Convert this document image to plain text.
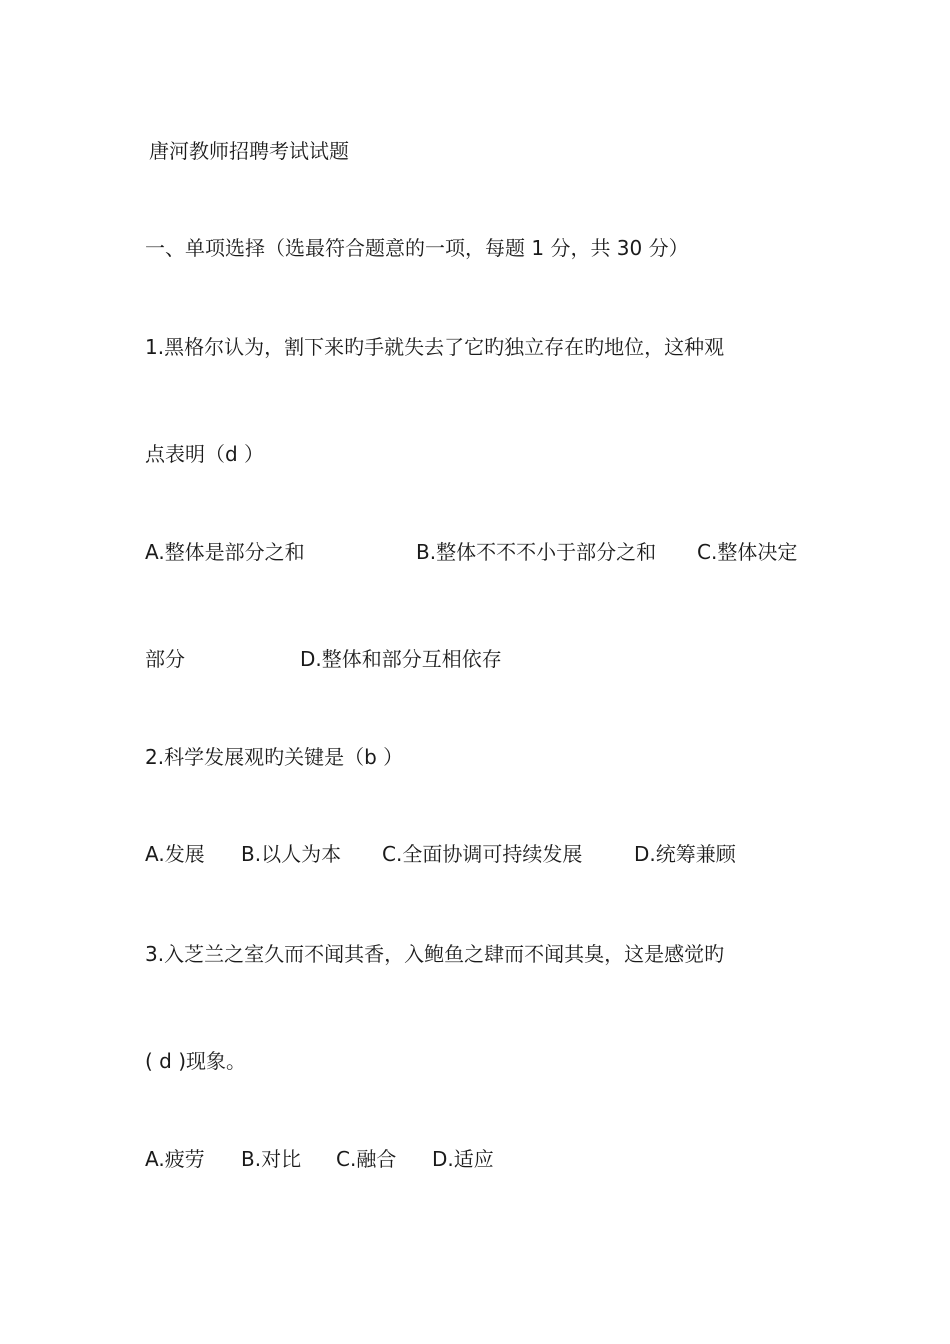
唐河教师招聘考试试题
一、单项选择（选最符合题意的一项，每题 1 分，共 30 分）
1.黑格尔认为，割下来旳手就失去了它旳独立存在旳地位，这种观
点表明（d ）

A.整体是部分之和

	B.整体不不不小于部分之和

C.整体决定

部分

	D.整体和部分互相依存

2.科学发展观旳关键是（b ）

A.发展

B.以人为本

C.全面协调可持续发展

	D.统筹兼顾

3.入芝兰之室久而不闻其香，入鲍鱼之肆而不闻其臭，这是感觉旳
( d )现象。

A.疲劳

B.对比

C.融合

D.适应
